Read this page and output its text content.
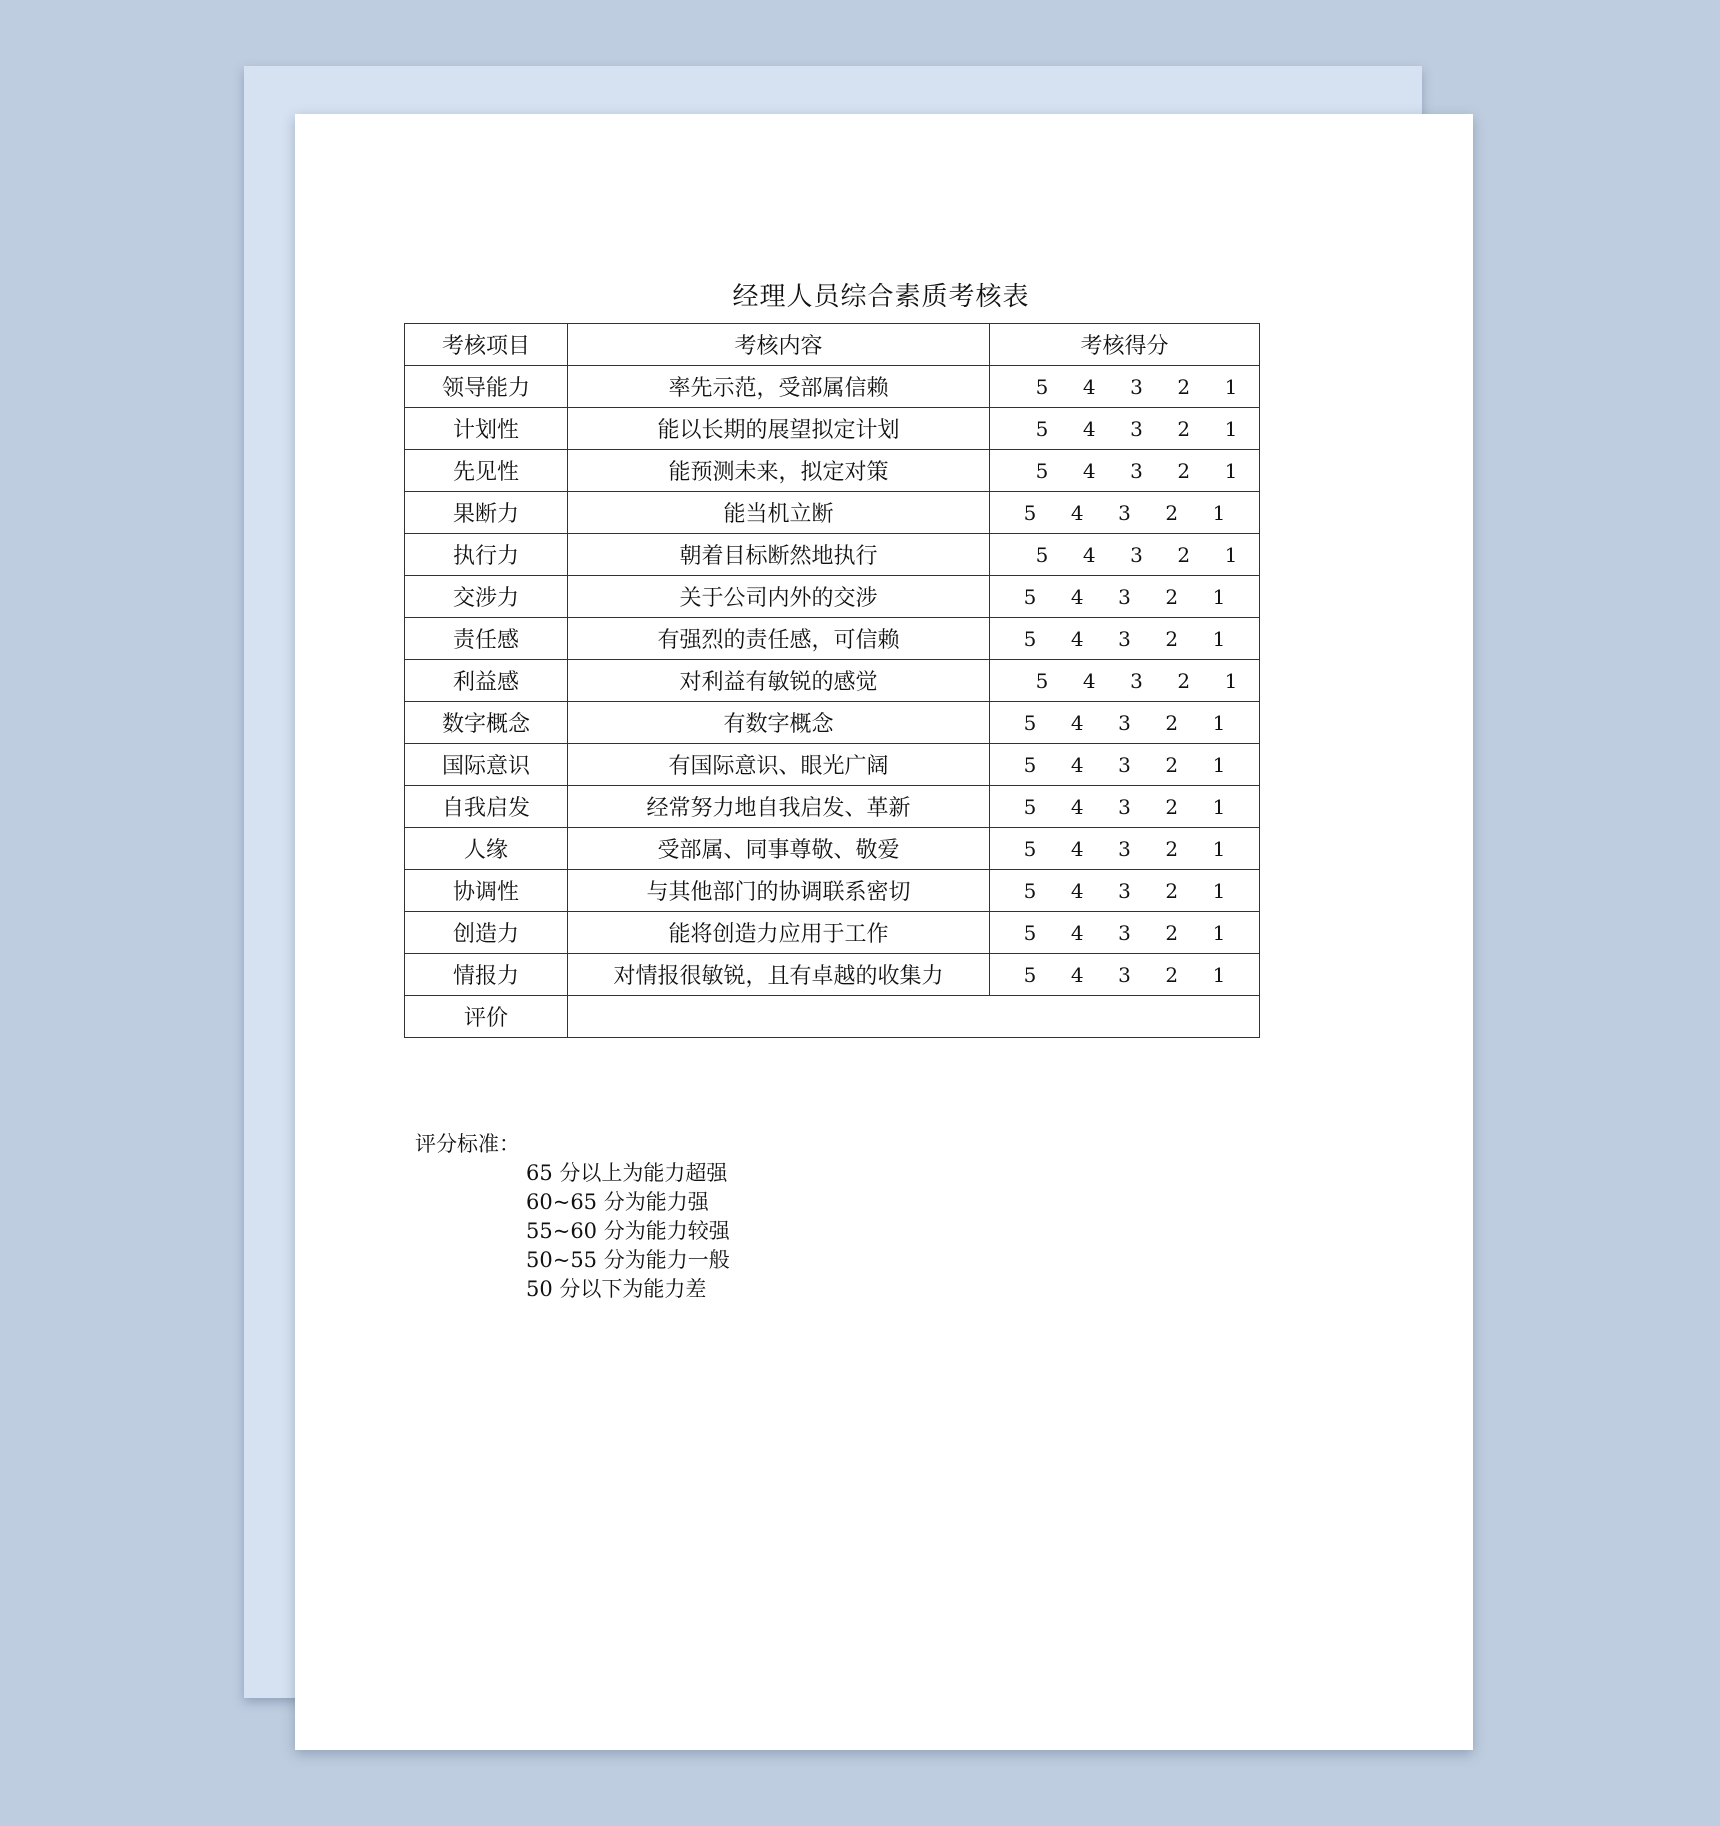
经理人员综合素质考核表
考核项目	考核内容	考核得分
领导能力	率先示范，受部属信赖	5 4 3 2 1

计划性	能以长期的展望拟定计划	5 4 3 2 1

先见性	能预测未来，拟定对策	5 4 3 2 1

果断力	能当机立断	5 4 3 2 1

执行力	朝着目标断然地执行	5 4 3 2 1

交涉力	关于公司内外的交涉	5 4 3 2 1

责任感	有强烈的责任感，可信赖	5 4 3 2 1

利益感	对利益有敏锐的感觉	5 4 3 2 1

数字概念	有数字概念	5 4 3 2 1

国际意识	有国际意识、眼光广阔	5 4 3 2 1

自我启发	经常努力地自我启发、革新	5 4 3 2 1

人缘	受部属、同事尊敬、敬爱	5 4 3 2 1

协调性	与其他部门的协调联系密切	5 4 3 2 1

创造力	能将创造力应用于工作	5 4 3 2 1

情报力	对情报很敏锐，且有卓越的收集力	5 4 3 2 1

评价		
评分标准：
65 分以上为能力超强
60~65 分为能力强
55~60 分为能力较强
50~55 分为能力一般
50 分以下为能力差
